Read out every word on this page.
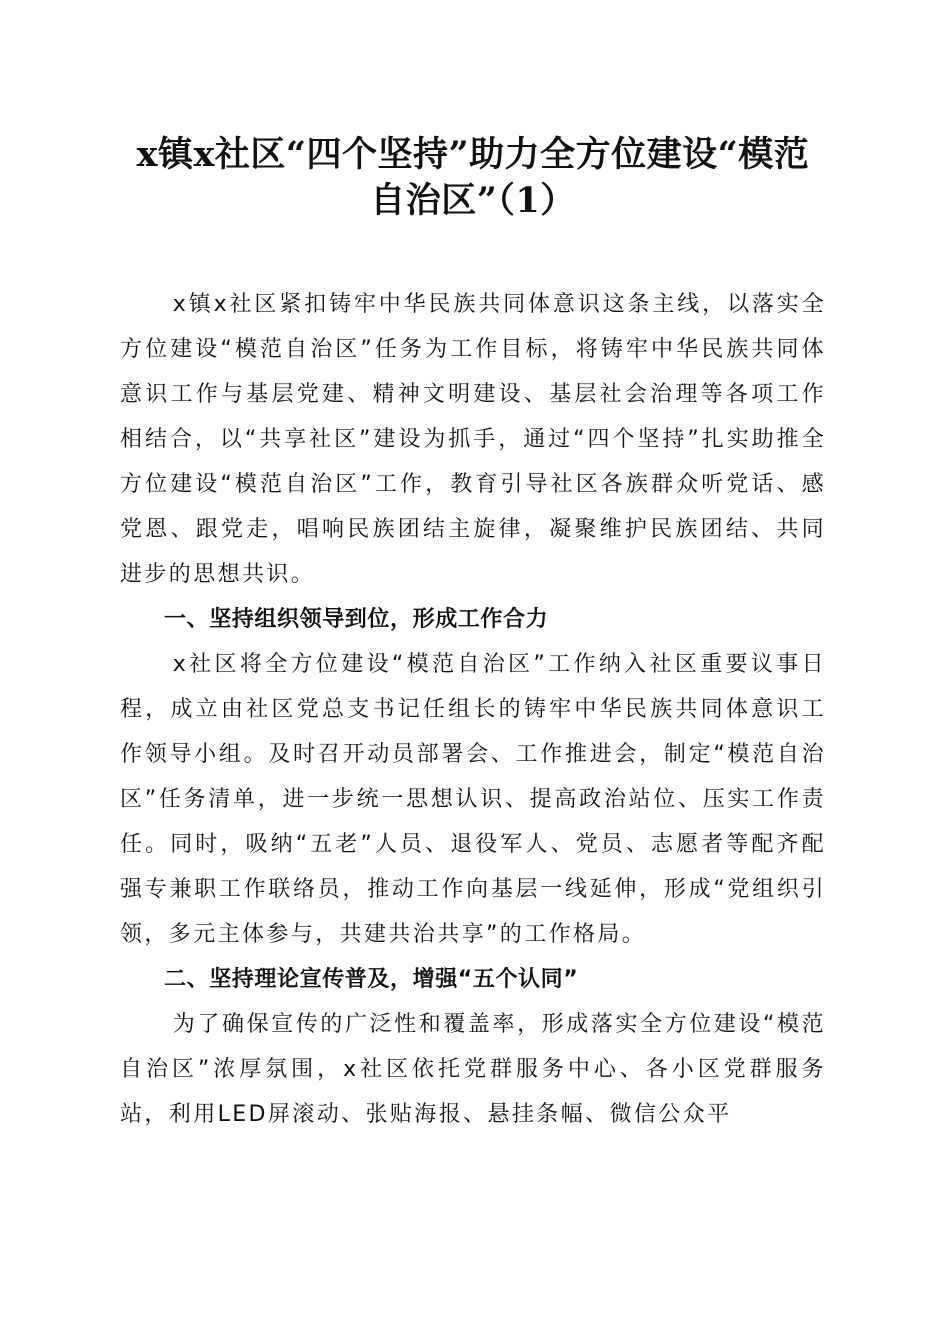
x镇x社区“四个坚持”助力全方位建设“模范自治区”（1）

x镇x社区紧扣铸牢中华民族共同体意识这条主线，以落实全方位建设“模范自治区”任务为工作目标，将铸牢中华民族共同体意识工作与基层党建、精神文明建设、基层社会治理等各项工作相结合，以“共享社区”建设为抓手，通过“四个坚持”扎实助推全方位建设“模范自治区”工作，教育引导社区各族群众听党话、感党恩、跟党走，唱响民族团结主旋律，凝聚维护民族团结、共同进步的思想共识。

一、坚持组织领导到位，形成工作合力

x社区将全方位建设“模范自治区”工作纳入社区重要议事日程，成立由社区党总支书记任组长的铸牢中华民族共同体意识工作领导小组。及时召开动员部署会、工作推进会，制定“模范自治区”任务清单，进一步统一思想认识、提高政治站位、压实工作责任。同时，吸纳“五老”人员、退役军人、党员、志愿者等配齐配强专兼职工作联络员，推动工作向基层一线延伸，形成“党组织引领，多元主体参与，共建共治共享”的工作格局。

二、坚持理论宣传普及，增强“五个认同”

为了确保宣传的广泛性和覆盖率，形成落实全方位建设“模范自治区”浓厚氛围，x社区依托党群服务中心、各小区党群服务站，利用LED屏滚动、张贴海报、悬挂条幅、微信公众平
